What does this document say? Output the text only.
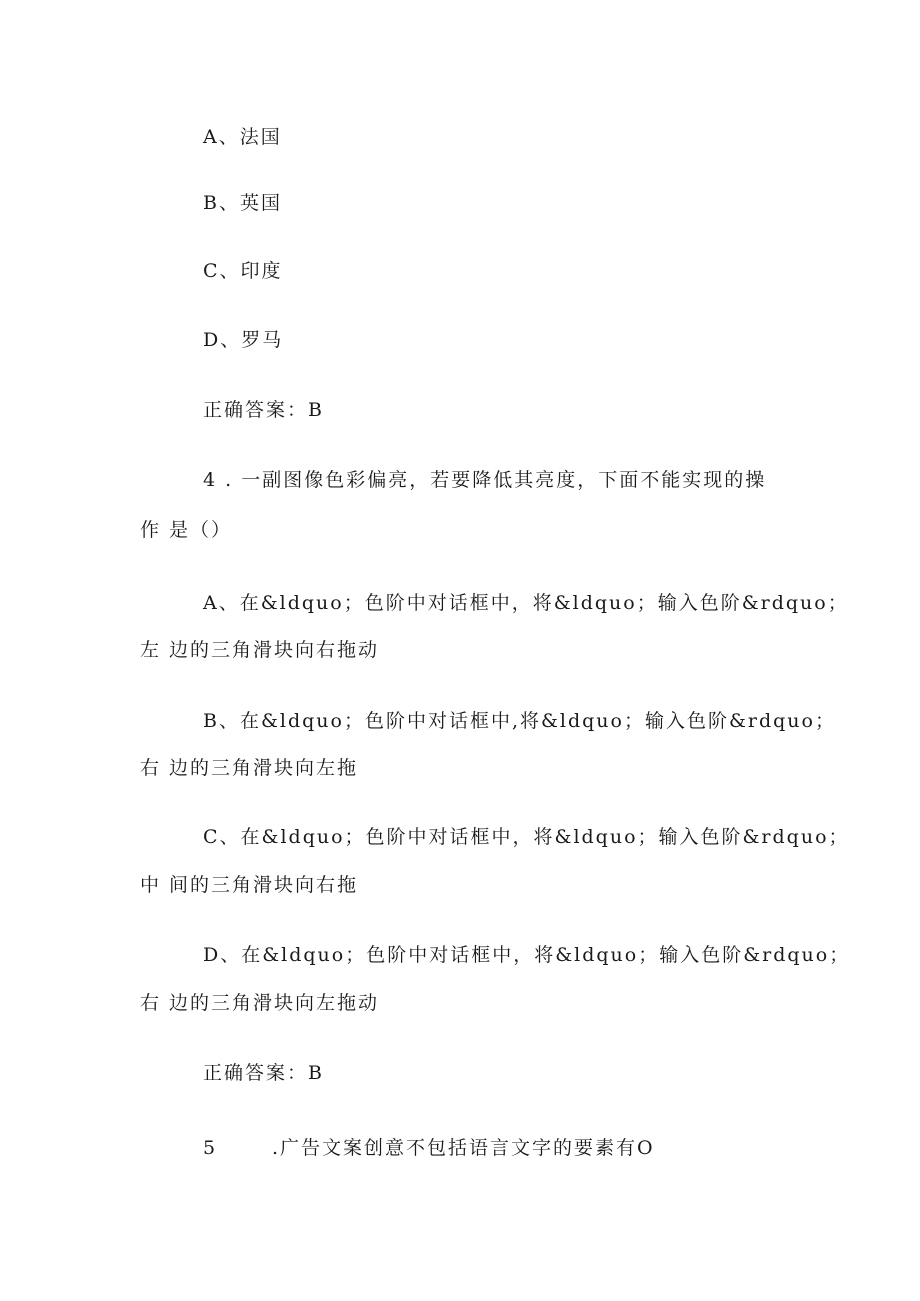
A、法国
B、英国
C、印度
D、罗马
正确答案：B
4 . 一副图像色彩偏亮，若要降低其亮度，下面不能实现的操
作 是（）
A、在&ldquo；色阶中对话框中，将&ldquo；输入色阶&rdquo；
左 边的三角滑块向右拖动
B、在&ldquo；色阶中对话框中,将&ldquo；输入色阶&rdquo；
右 边的三角滑块向左拖
C、在&ldquo；色阶中对话框中，将&ldquo；输入色阶&rdquo；
中 间的三角滑块向右拖
D、在&ldquo；色阶中对话框中，将&ldquo；输入色阶&rdquo；
右 边的三角滑块向左拖动
正确答案：B
5	.广告文案创意不包括语言文字的要素有O
